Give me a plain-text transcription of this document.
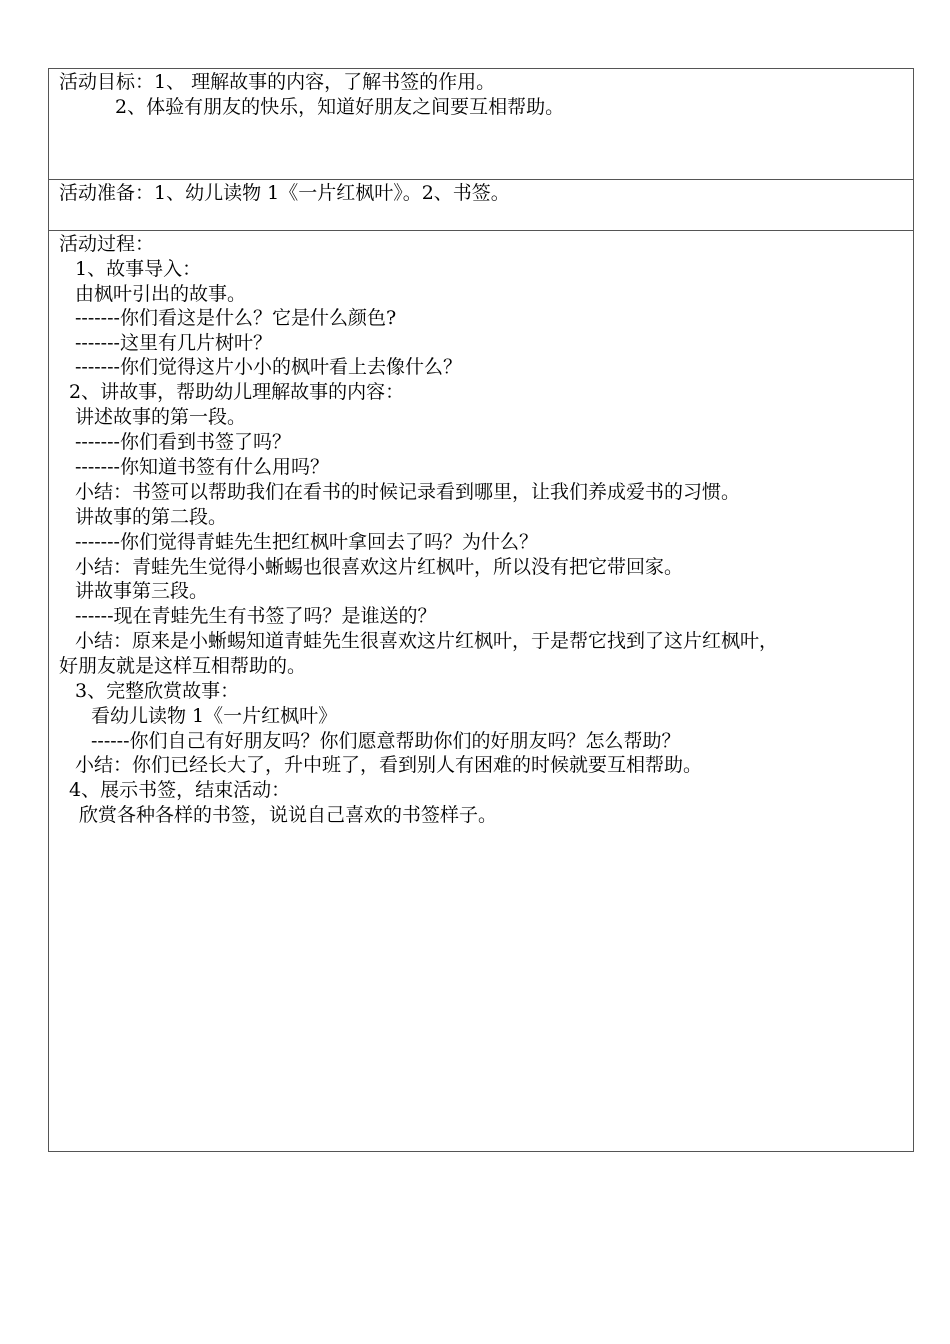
活动目标：1、 理解故事的内容，了解书签的作用。
2、体验有朋友的快乐，知道好朋友之间要互相帮助。

活动准备：1、幼儿读物 1《一片红枫叶》。2、书签。

活动过程：
1、故事导入：
由枫叶引出的故事。
-------你们看这是什么？它是什么颜色?
-------这里有几片树叶？
-------你们觉得这片小小的枫叶看上去像什么？
2、讲故事，帮助幼儿理解故事的内容：
讲述故事的第一段。
-------你们看到书签了吗？
-------你知道书签有什么用吗？
小结：书签可以帮助我们在看书的时候记录看到哪里，让我们养成爱书的习惯。
讲故事的第二段。
-------你们觉得青蛙先生把红枫叶拿回去了吗？为什么？
小结：青蛙先生觉得小蜥蜴也很喜欢这片红枫叶，所以没有把它带回家。
讲故事第三段。
------现在青蛙先生有书签了吗？是谁送的？
小结：原来是小蜥蜴知道青蛙先生很喜欢这片红枫叶，于是帮它找到了这片红枫叶，
好朋友就是这样互相帮助的。
3、完整欣赏故事：
看幼儿读物 1《一片红枫叶》
------你们自己有好朋友吗？你们愿意帮助你们的好朋友吗？怎么帮助？
小结：你们已经长大了，升中班了，看到别人有困难的时候就要互相帮助。
4、展示书签，结束活动：
欣赏各种各样的书签，说说自己喜欢的书签样子。
